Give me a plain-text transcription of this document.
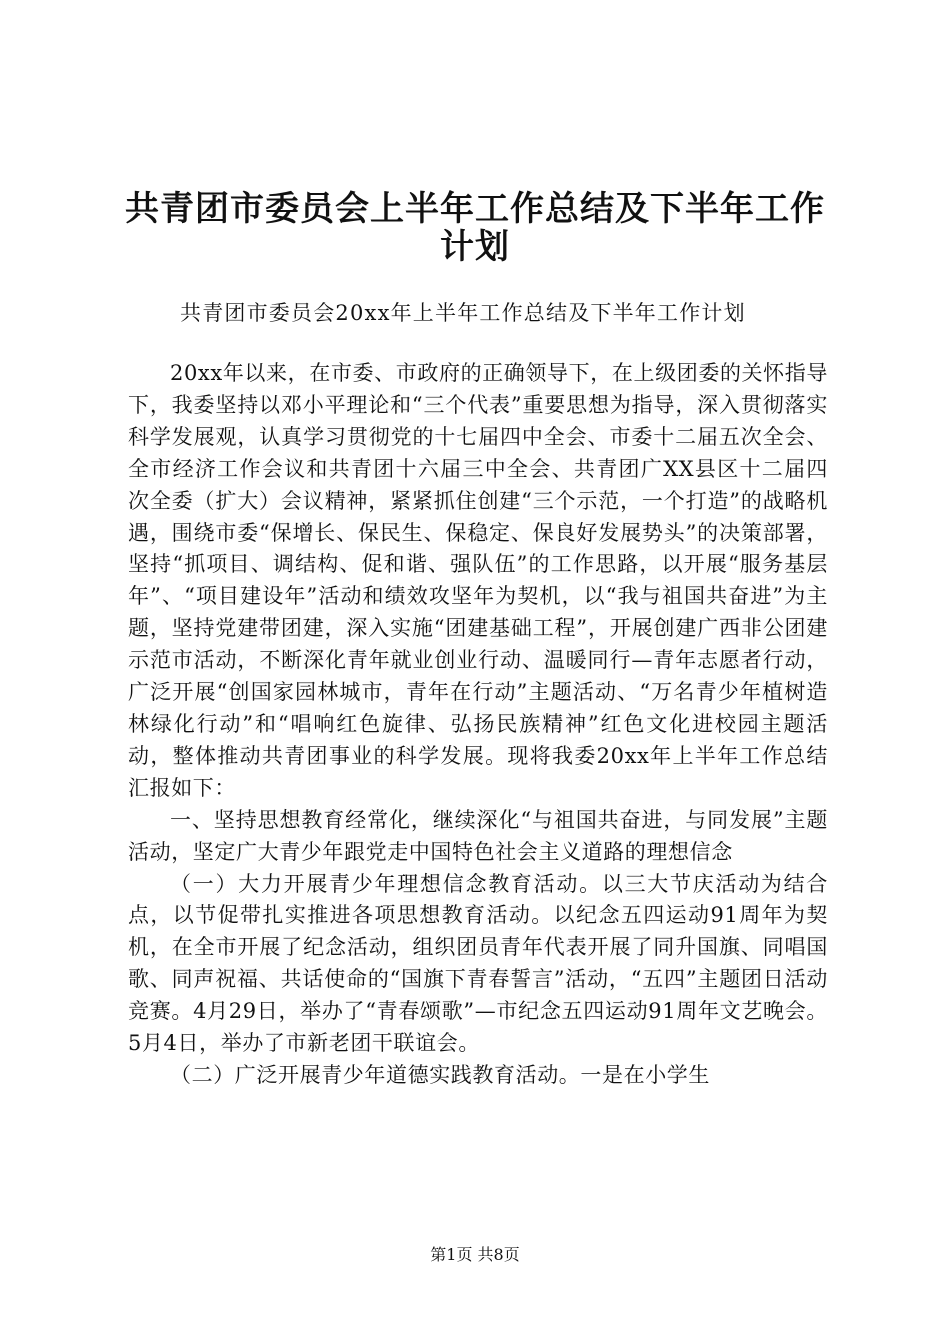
共青团市委员会上半年工作总结及下半年工作
计划
共青团市委员会20xx年上半年工作总结及下半年工作计划

20xx年以来，在市委、市政府的正确领导下，在上级团委的关怀指导下，我委坚持以邓小平理论和“三个代表”重要思想为指导，深入贯彻落实科学发展观，认真学习贯彻党的十七届四中全会、市委十二届五次全会、全市经济工作会议和共青团十六届三中全会、共青团广XX县区十二届四次全委（扩大）会议精神，紧紧抓住创建“三个示范，一个打造”的战略机遇，围绕市委“保增长、保民生、保稳定、保良好发展势头”的决策部署，坚持“抓项目、调结构、促和谐、强队伍”的工作思路，以开展“服务基层年”、“项目建设年”活动和绩效攻坚年为契机，以“我与祖国共奋进”为主题，坚持党建带团建，深入实施“团建基础工程”，开展创建广西非公团建示范市活动，不断深化青年就业创业行动、温暖同行—青年志愿者行动，广泛开展“创国家园林城市，青年在行动”主题活动、“万名青少年植树造林绿化行动”和“唱响红色旋律、弘扬民族精神”红色文化进校园主题活动，整体推动共青团事业的科学发展。现将我委20xx年上半年工作总结汇报如下：

一、坚持思想教育经常化，继续深化“与祖国共奋进，与同发展”主题活动，坚定广大青少年跟党走中国特色社会主义道路的理想信念

（一）大力开展青少年理想信念教育活动。以三大节庆活动为结合点，以节促带扎实推进各项思想教育活动。以纪念五四运动91周年为契机，在全市开展了纪念活动，组织团员青年代表开展了同升国旗、同唱国歌、同声祝福、共话使命的“国旗下青春誓言”活动，“五四”主题团日活动竞赛。4月29日，举办了“青春颂歌”—市纪念五四运动91周年文艺晚会。5月4日，举办了市新老团干联谊会。

（二）广泛开展青少年道德实践教育活动。一是在小学生

第1页 共8页
